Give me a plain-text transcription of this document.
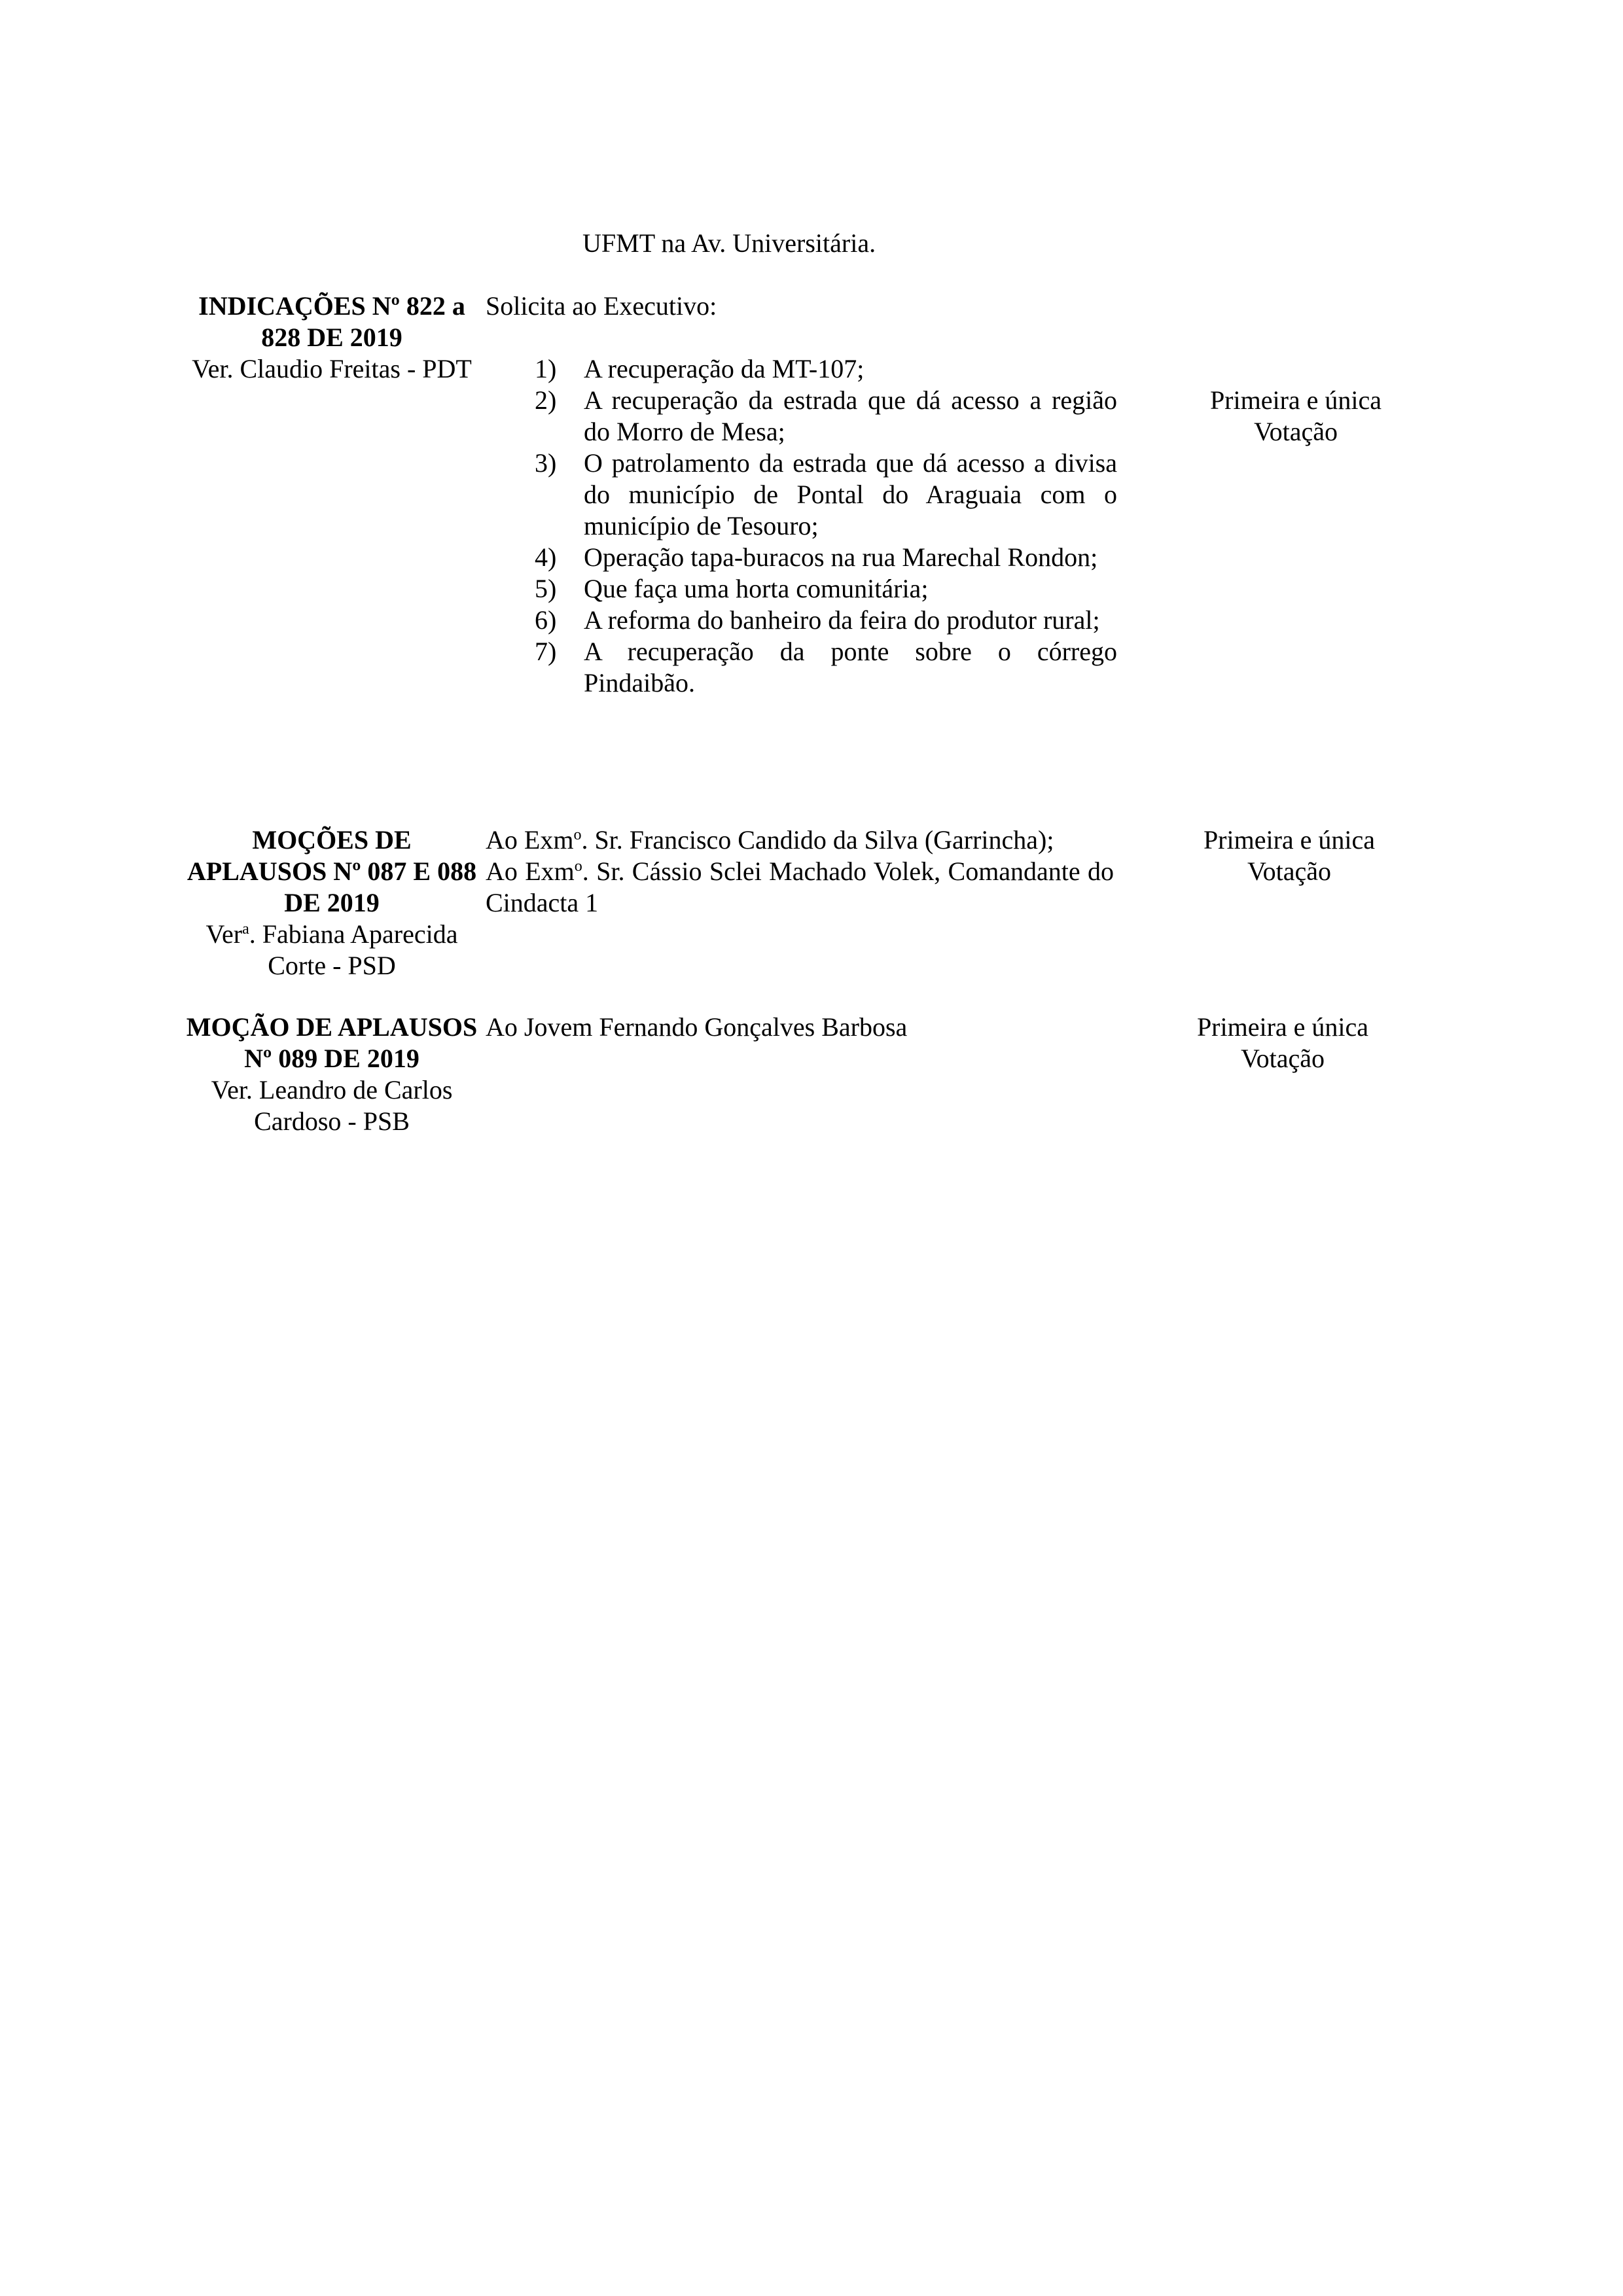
UFMT na Av. Universitária.
INDICAÇÕES Nº 822 a 828 DE 2019
Ver. Claudio Freitas - PDT
Solicita ao Executivo:
1) A recuperação da MT-107;
2) A recuperação da estrada que dá acesso a região do Morro de Mesa;
3) O patrolamento da estrada que dá acesso a divisa do município de Pontal do Araguaia com o município de Tesouro;
4) Operação tapa-buracos na rua Marechal Rondon;
5) Que faça uma horta comunitária;
6) A reforma do banheiro da feira do produtor rural;
7) A recuperação da ponte sobre o córrego Pindaibão.
Primeira e única
Votação
MOÇÕES DE APLAUSOS Nº 087 E 088 DE 2019
Ver$^a$. Fabiana Aparecida Corte - PSD
Ao Exm$^o$. Sr. Francisco Candido da Silva (Garrincha);
Ao Exm$^o$. Sr. Cássio Sclei Machado Volek, Comandante do Cindacta 1
Primeira e única
Votação
MOÇÃO DE APLAUSOS Nº 089 DE 2019
Ver. Leandro de Carlos Cardoso - PSB
Ao Jovem Fernando Gonçalves Barbosa	Primeira e única
Votação
